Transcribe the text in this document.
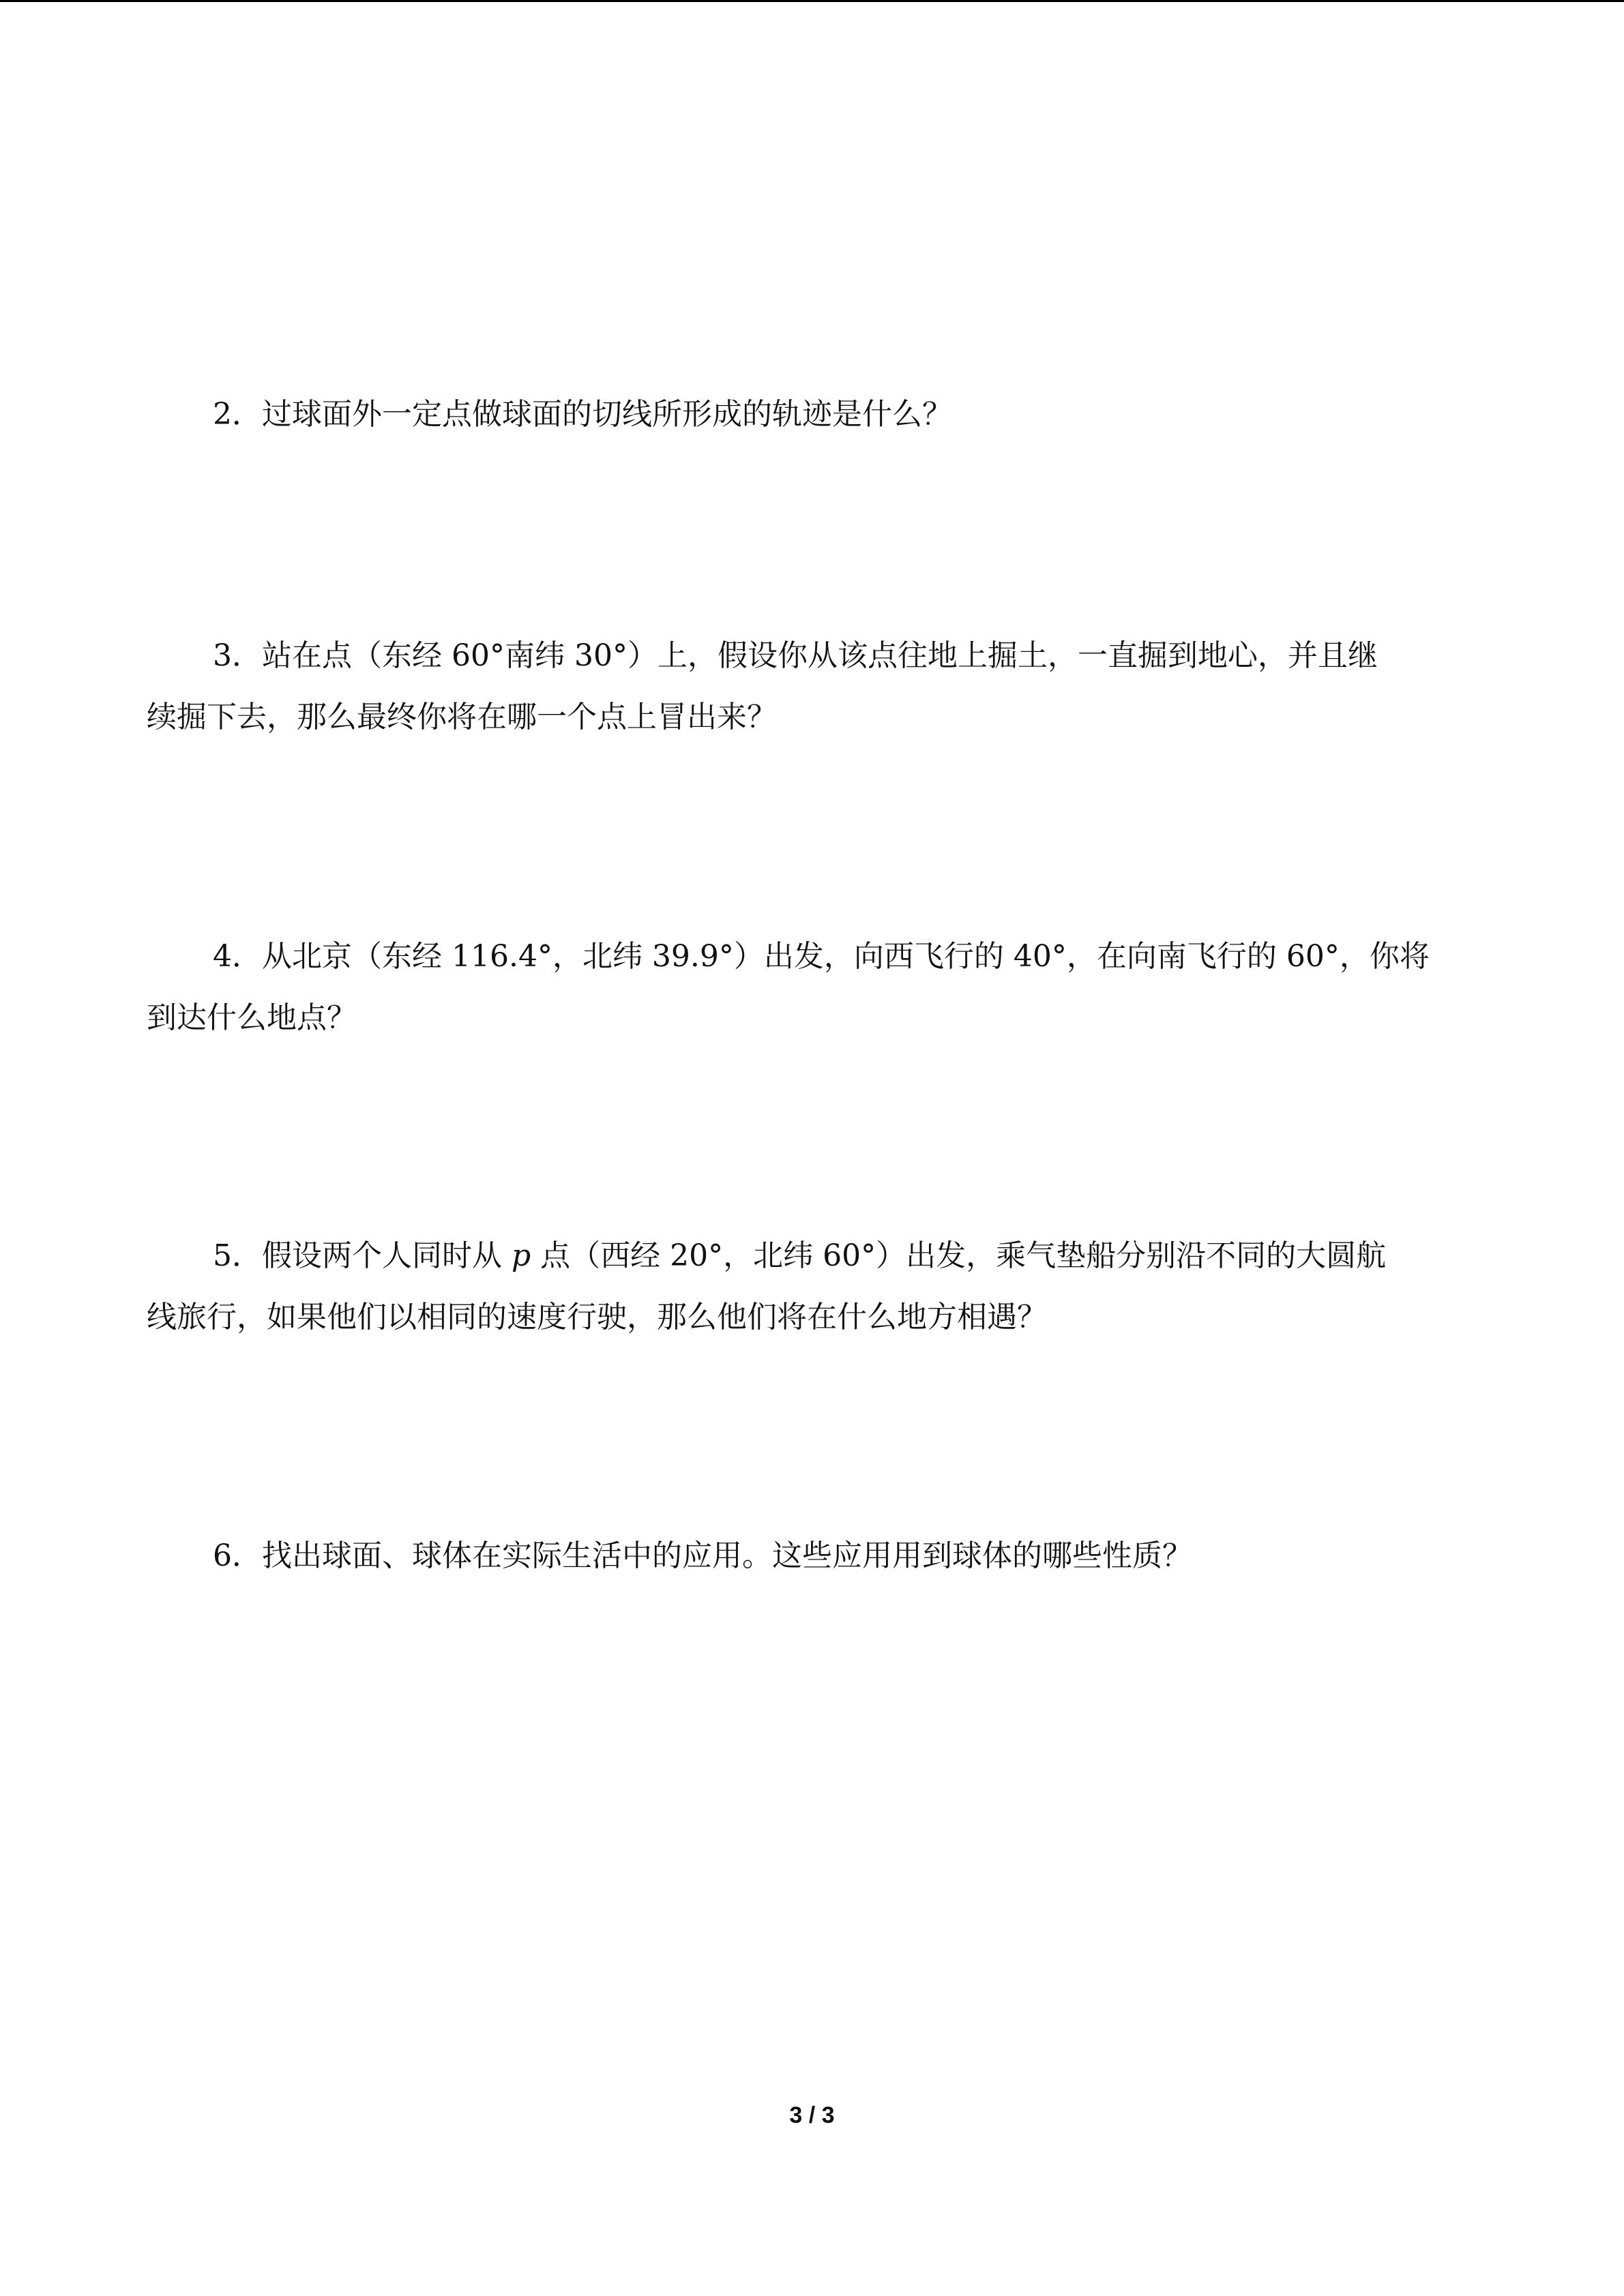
2．过球面外一定点做球面的切线所形成的轨迹是什么？

3．站在点（东经 60°南纬 30°）上，假设你从该点往地上掘土，一直掘到地心，并且继
续掘下去，那么最终你将在哪一个点上冒出来？

4．从北京（东经 116.4°，北纬 39.9°）出发，向西飞行的 40°，在向南飞行的 60°，你将
到达什么地点？

5．假设两个人同时从 p 点（西经 20°，北纬 60°）出发，乘气垫船分别沿不同的大圆航
线旅行，如果他们以相同的速度行驶，那么他们将在什么地方相遇？

6．找出球面、球体在实际生活中的应用。这些应用用到球体的哪些性质？

3 / 3
